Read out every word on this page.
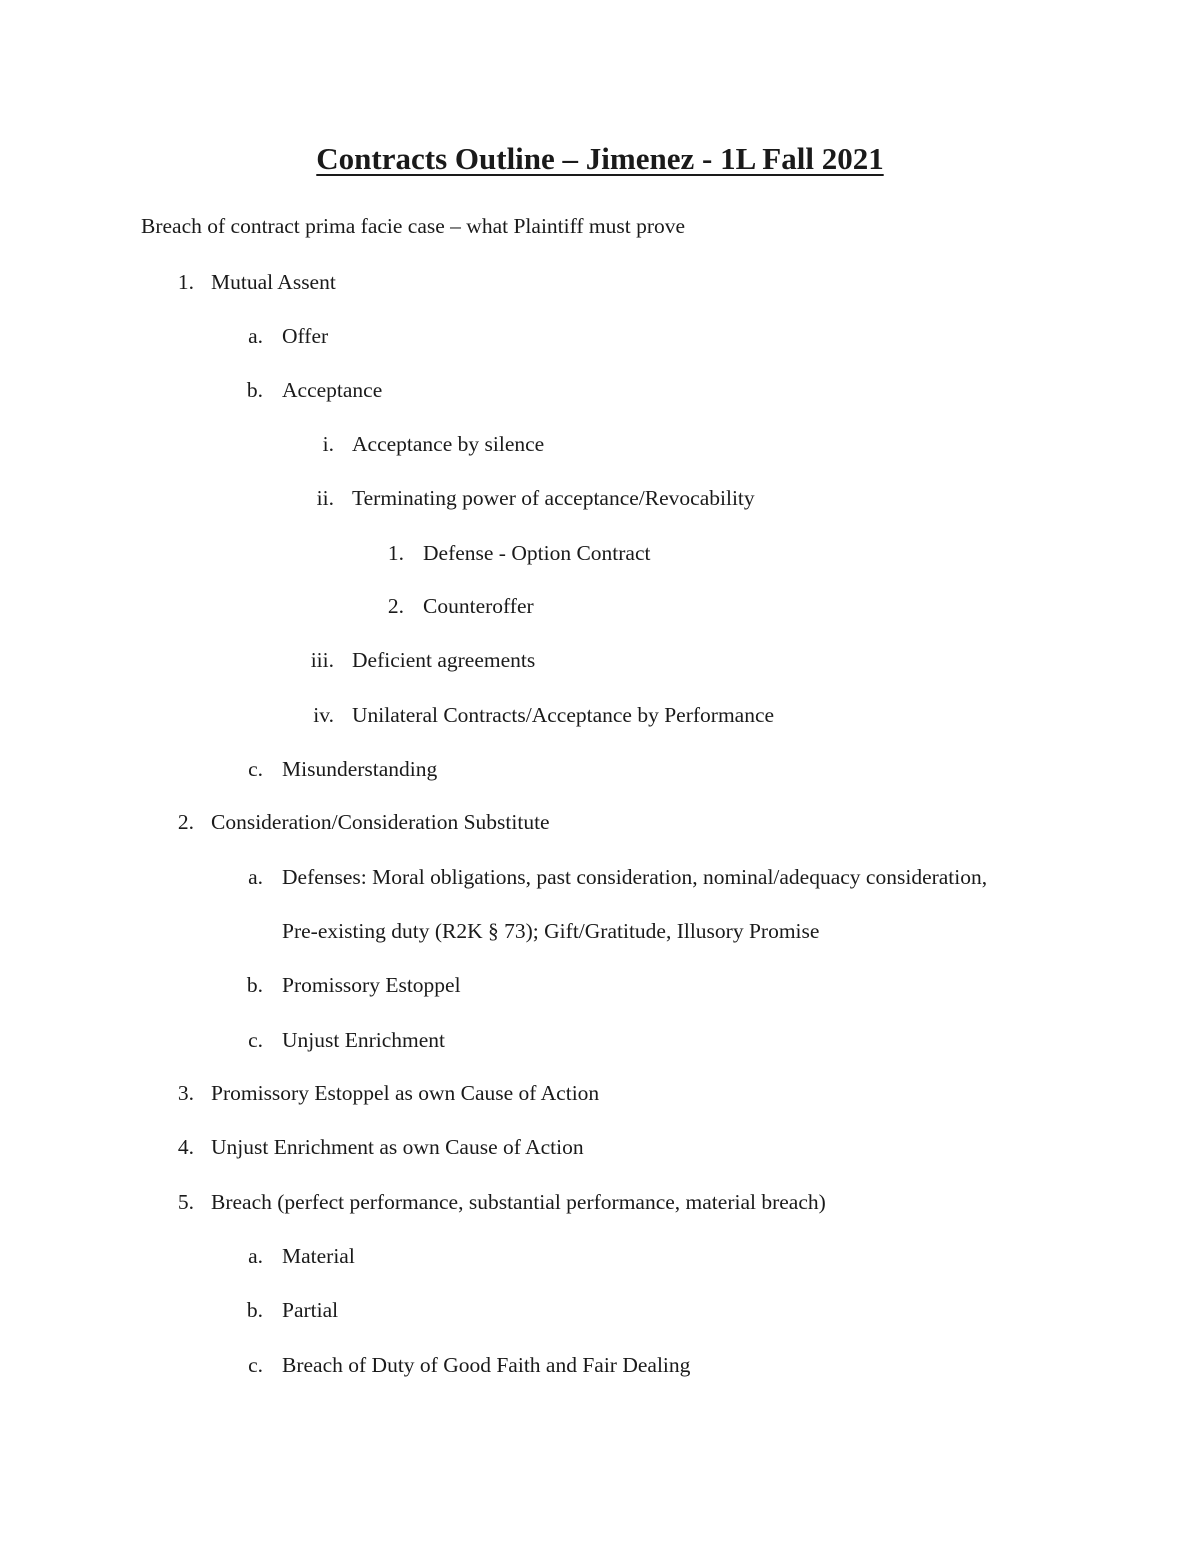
Contracts Outline – Jimenez - 1L Fall 2021
Breach of contract prima facie case – what Plaintiff must prove
1. Mutual Assent
a. Offer
b. Acceptance
i. Acceptance by silence
ii. Terminating power of acceptance/Revocability
1. Defense - Option Contract
2. Counteroffer
iii. Deficient agreements
iv. Unilateral Contracts/Acceptance by Performance
c. Misunderstanding
2. Consideration/Consideration Substitute
a. Defenses: Moral obligations, past consideration, nominal/adequacy consideration,
Pre-existing duty (R2K § 73); Gift/Gratitude, Illusory Promise
b. Promissory Estoppel
c. Unjust Enrichment
3. Promissory Estoppel as own Cause of Action
4. Unjust Enrichment as own Cause of Action
5. Breach (perfect performance, substantial performance, material breach)
a. Material
b. Partial
c. Breach of Duty of Good Faith and Fair Dealing
